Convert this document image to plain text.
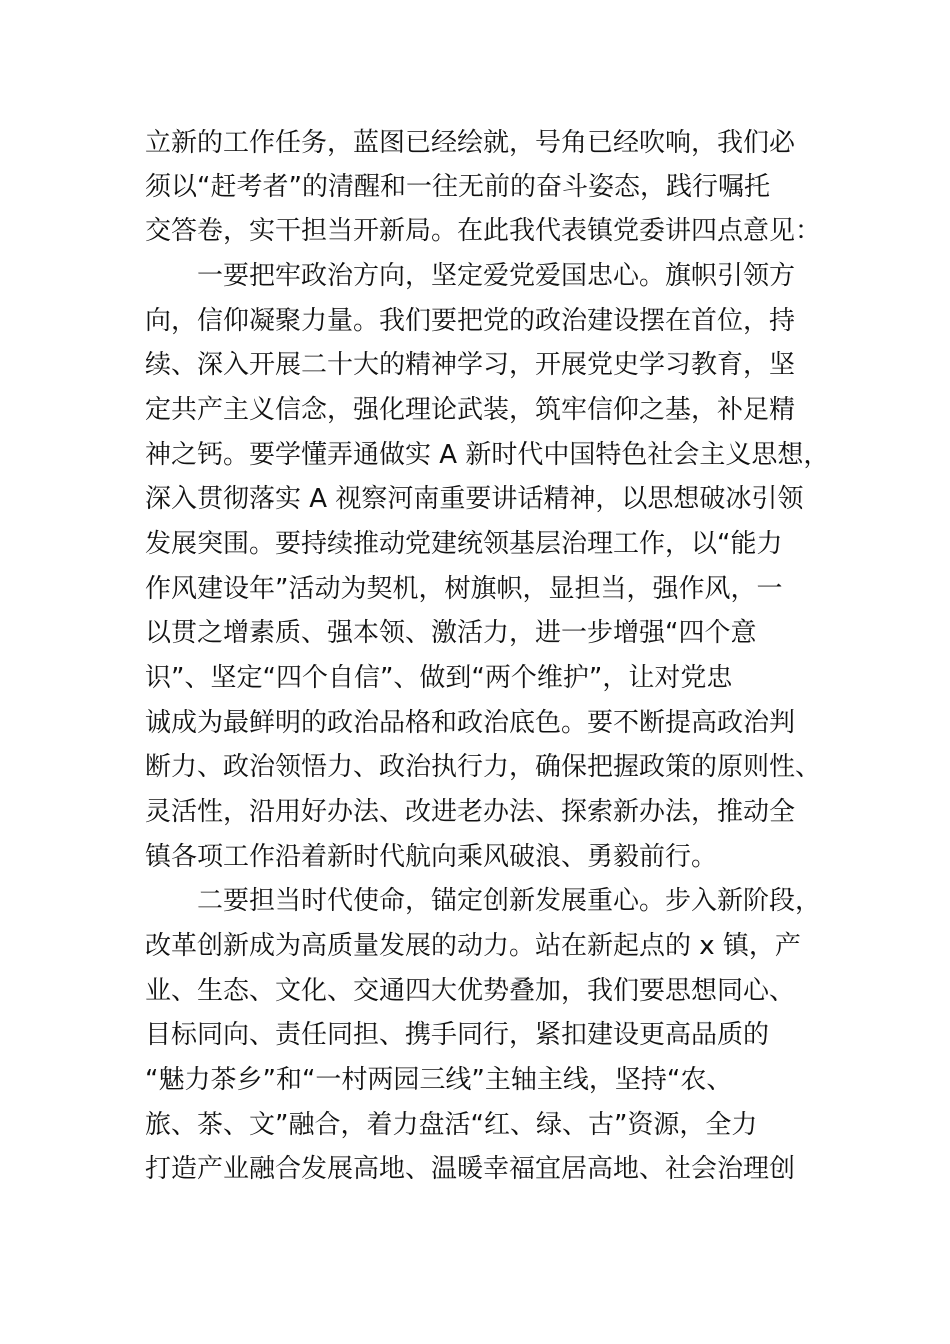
立新的工作任务，蓝图已经绘就，号角已经吹响，我们必
须以“赶考者”的清醒和一往无前的奋斗姿态，践行嘱托
交答卷，实干担当开新局。在此我代表镇党委讲四点意见：
一要把牢政治方向，坚定爱党爱国忠心。旗帜引领方
向，信仰凝聚力量。我们要把党的政治建设摆在首位，持
续、深入开展二十大的精神学习，开展党史学习教育，坚
定共产主义信念，强化理论武装，筑牢信仰之基，补足精
神之钙。要学懂弄通做实 A 新时代中国特色社会主义思想，
深入贯彻落实 A 视察河南重要讲话精神，以思想破冰引领
发展突围。要持续推动党建统领基层治理工作，以“能力
作风建设年”活动为契机，树旗帜，显担当，强作风，一
以贯之增素质、强本领、激活力，进一步增强“四个意
识”、坚定“四个自信”、做到“两个维护”，让对党忠
诚成为最鲜明的政治品格和政治底色。要不断提高政治判
断力、政治领悟力、政治执行力，确保把握政策的原则性、
灵活性，沿用好办法、改进老办法、探索新办法，推动全
镇各项工作沿着新时代航向乘风破浪、勇毅前行。
二要担当时代使命，锚定创新发展重心。步入新阶段，
改革创新成为高质量发展的动力。站在新起点的 x 镇，产
业、生态、文化、交通四大优势叠加，我们要思想同心、
目标同向、责任同担、携手同行，紧扣建设更高品质的
“魅力茶乡”和“一村两园三线”主轴主线，坚持“农、
旅、茶、文”融合，着力盘活“红、绿、古”资源，全力
打造产业融合发展高地、温暖幸福宜居高地、社会治理创
